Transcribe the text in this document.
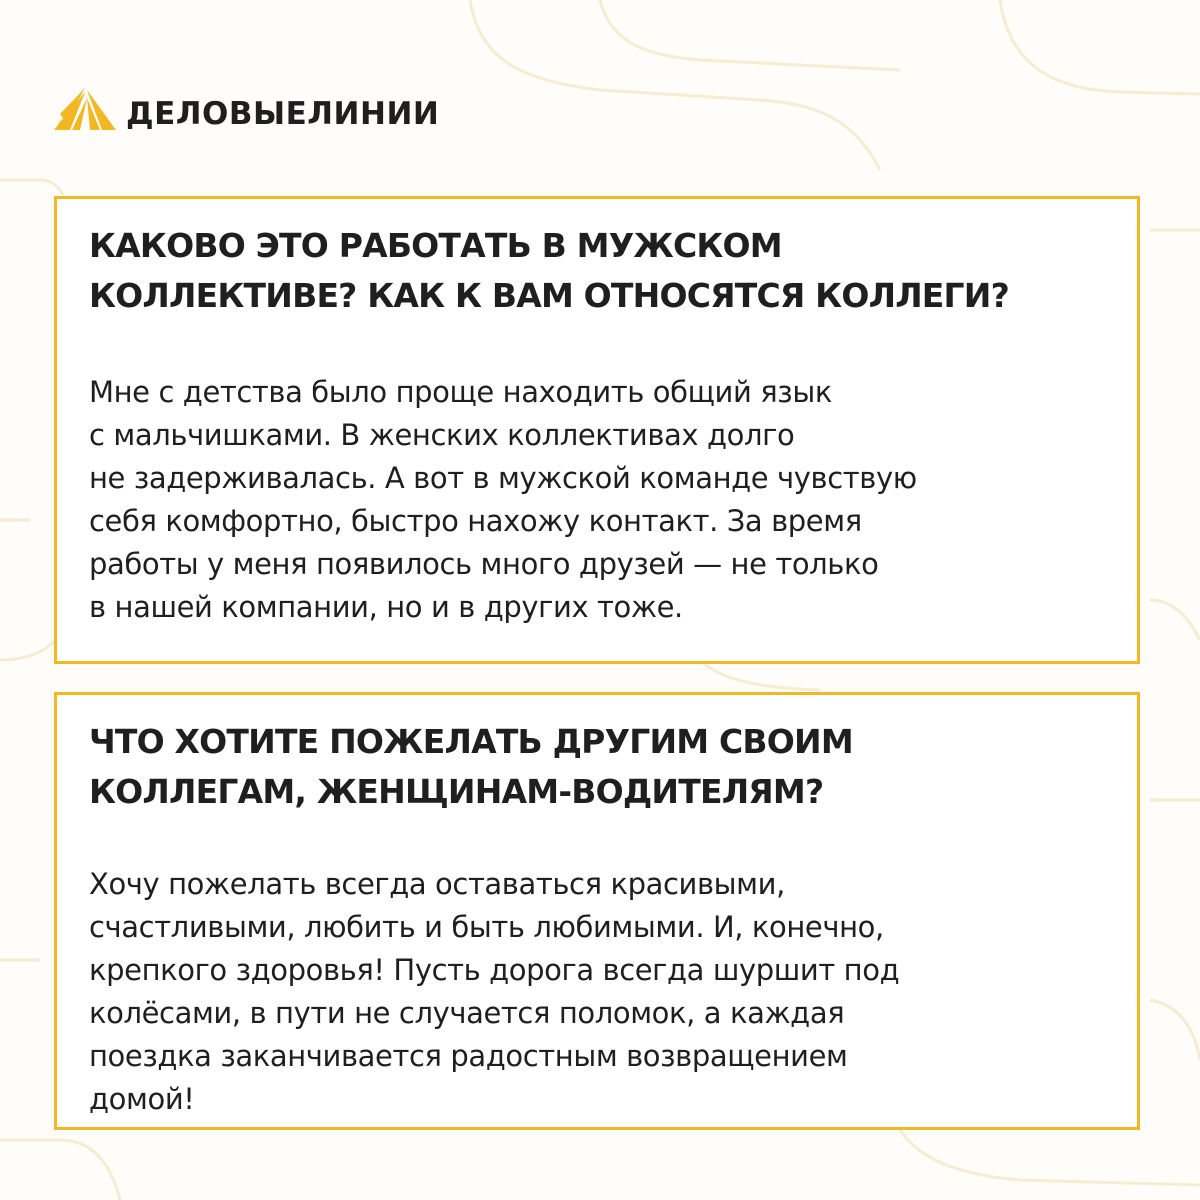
ДЕЛОВЫЕЛИНИИ
КАКОВО ЭТО РАБОТАТЬ В МУЖСКОМ
КОЛЛЕКТИВЕ? КАК К ВАМ ОТНОСЯТСЯ КОЛЛЕГИ?

Мне с детства было проще находить общий язык
с мальчишками. В женских коллективах долго
не задерживалась. А вот в мужской команде чувствую
себя комфортно, быстро нахожу контакт. За время
работы у меня появилось много друзей — не только
в нашей компании, но и в других тоже.

ЧТО ХОТИТЕ ПОЖЕЛАТЬ ДРУГИМ СВОИМ
КОЛЛЕГАМ, ЖЕНЩИНАМ-ВОДИТЕЛЯМ?

Хочу пожелать всегда оставаться красивыми,
счастливыми, любить и быть любимыми. И, конечно,
крепкого здоровья! Пусть дорога всегда шуршит под
колёсами, в пути не случается поломок, а каждая
поездка заканчивается радостным возвращением
домой!
